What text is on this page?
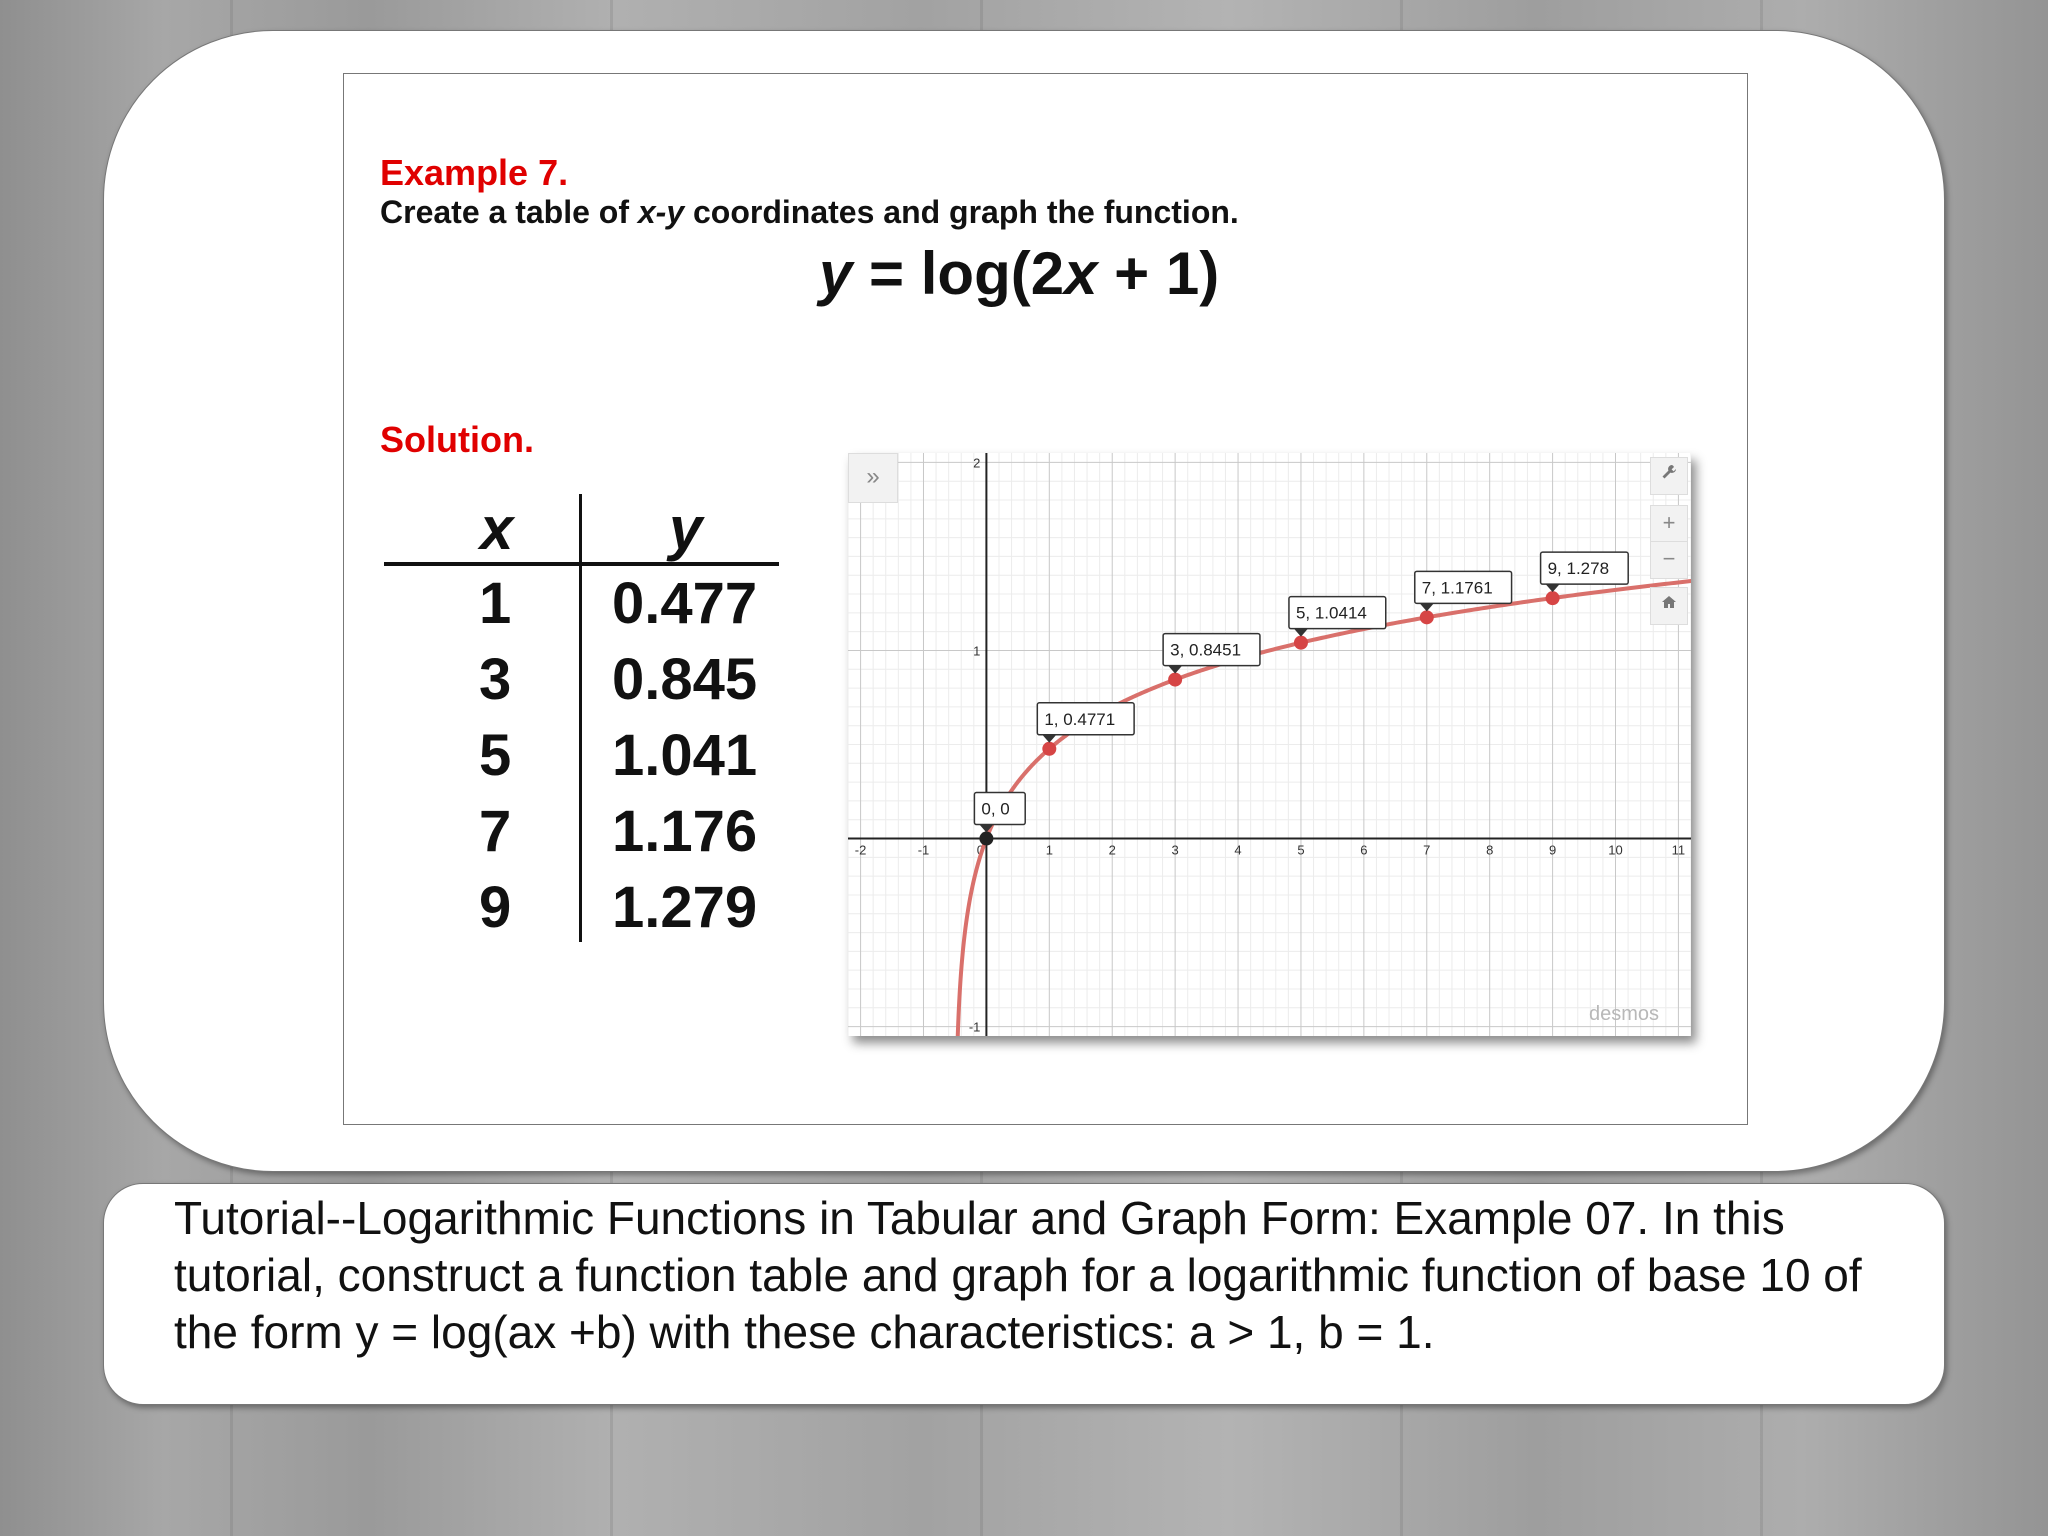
Example 7.
Create a table of x-y coordinates and graph the function.
y = log(2x + 1)
Solution.
x	y
1 0.477
3 0.845
5 1.041
7 1.176
9 1.279
-2	-1	0	1	2	3	4	5	6	7	8	9	10	11
2
1
-1
0, 0
1, 0.4771
3, 0.8451
5, 1.0414
7, 1.1761
9, 1.278
desmos
»
+
−
Tutorial--Logarithmic Functions in Tabular and Graph Form: Example 07. In this tutorial, construct a function table and graph for a logarithmic function of base 10 of the form y = log(ax +b) with these characteristics: a > 1, b = 1.
